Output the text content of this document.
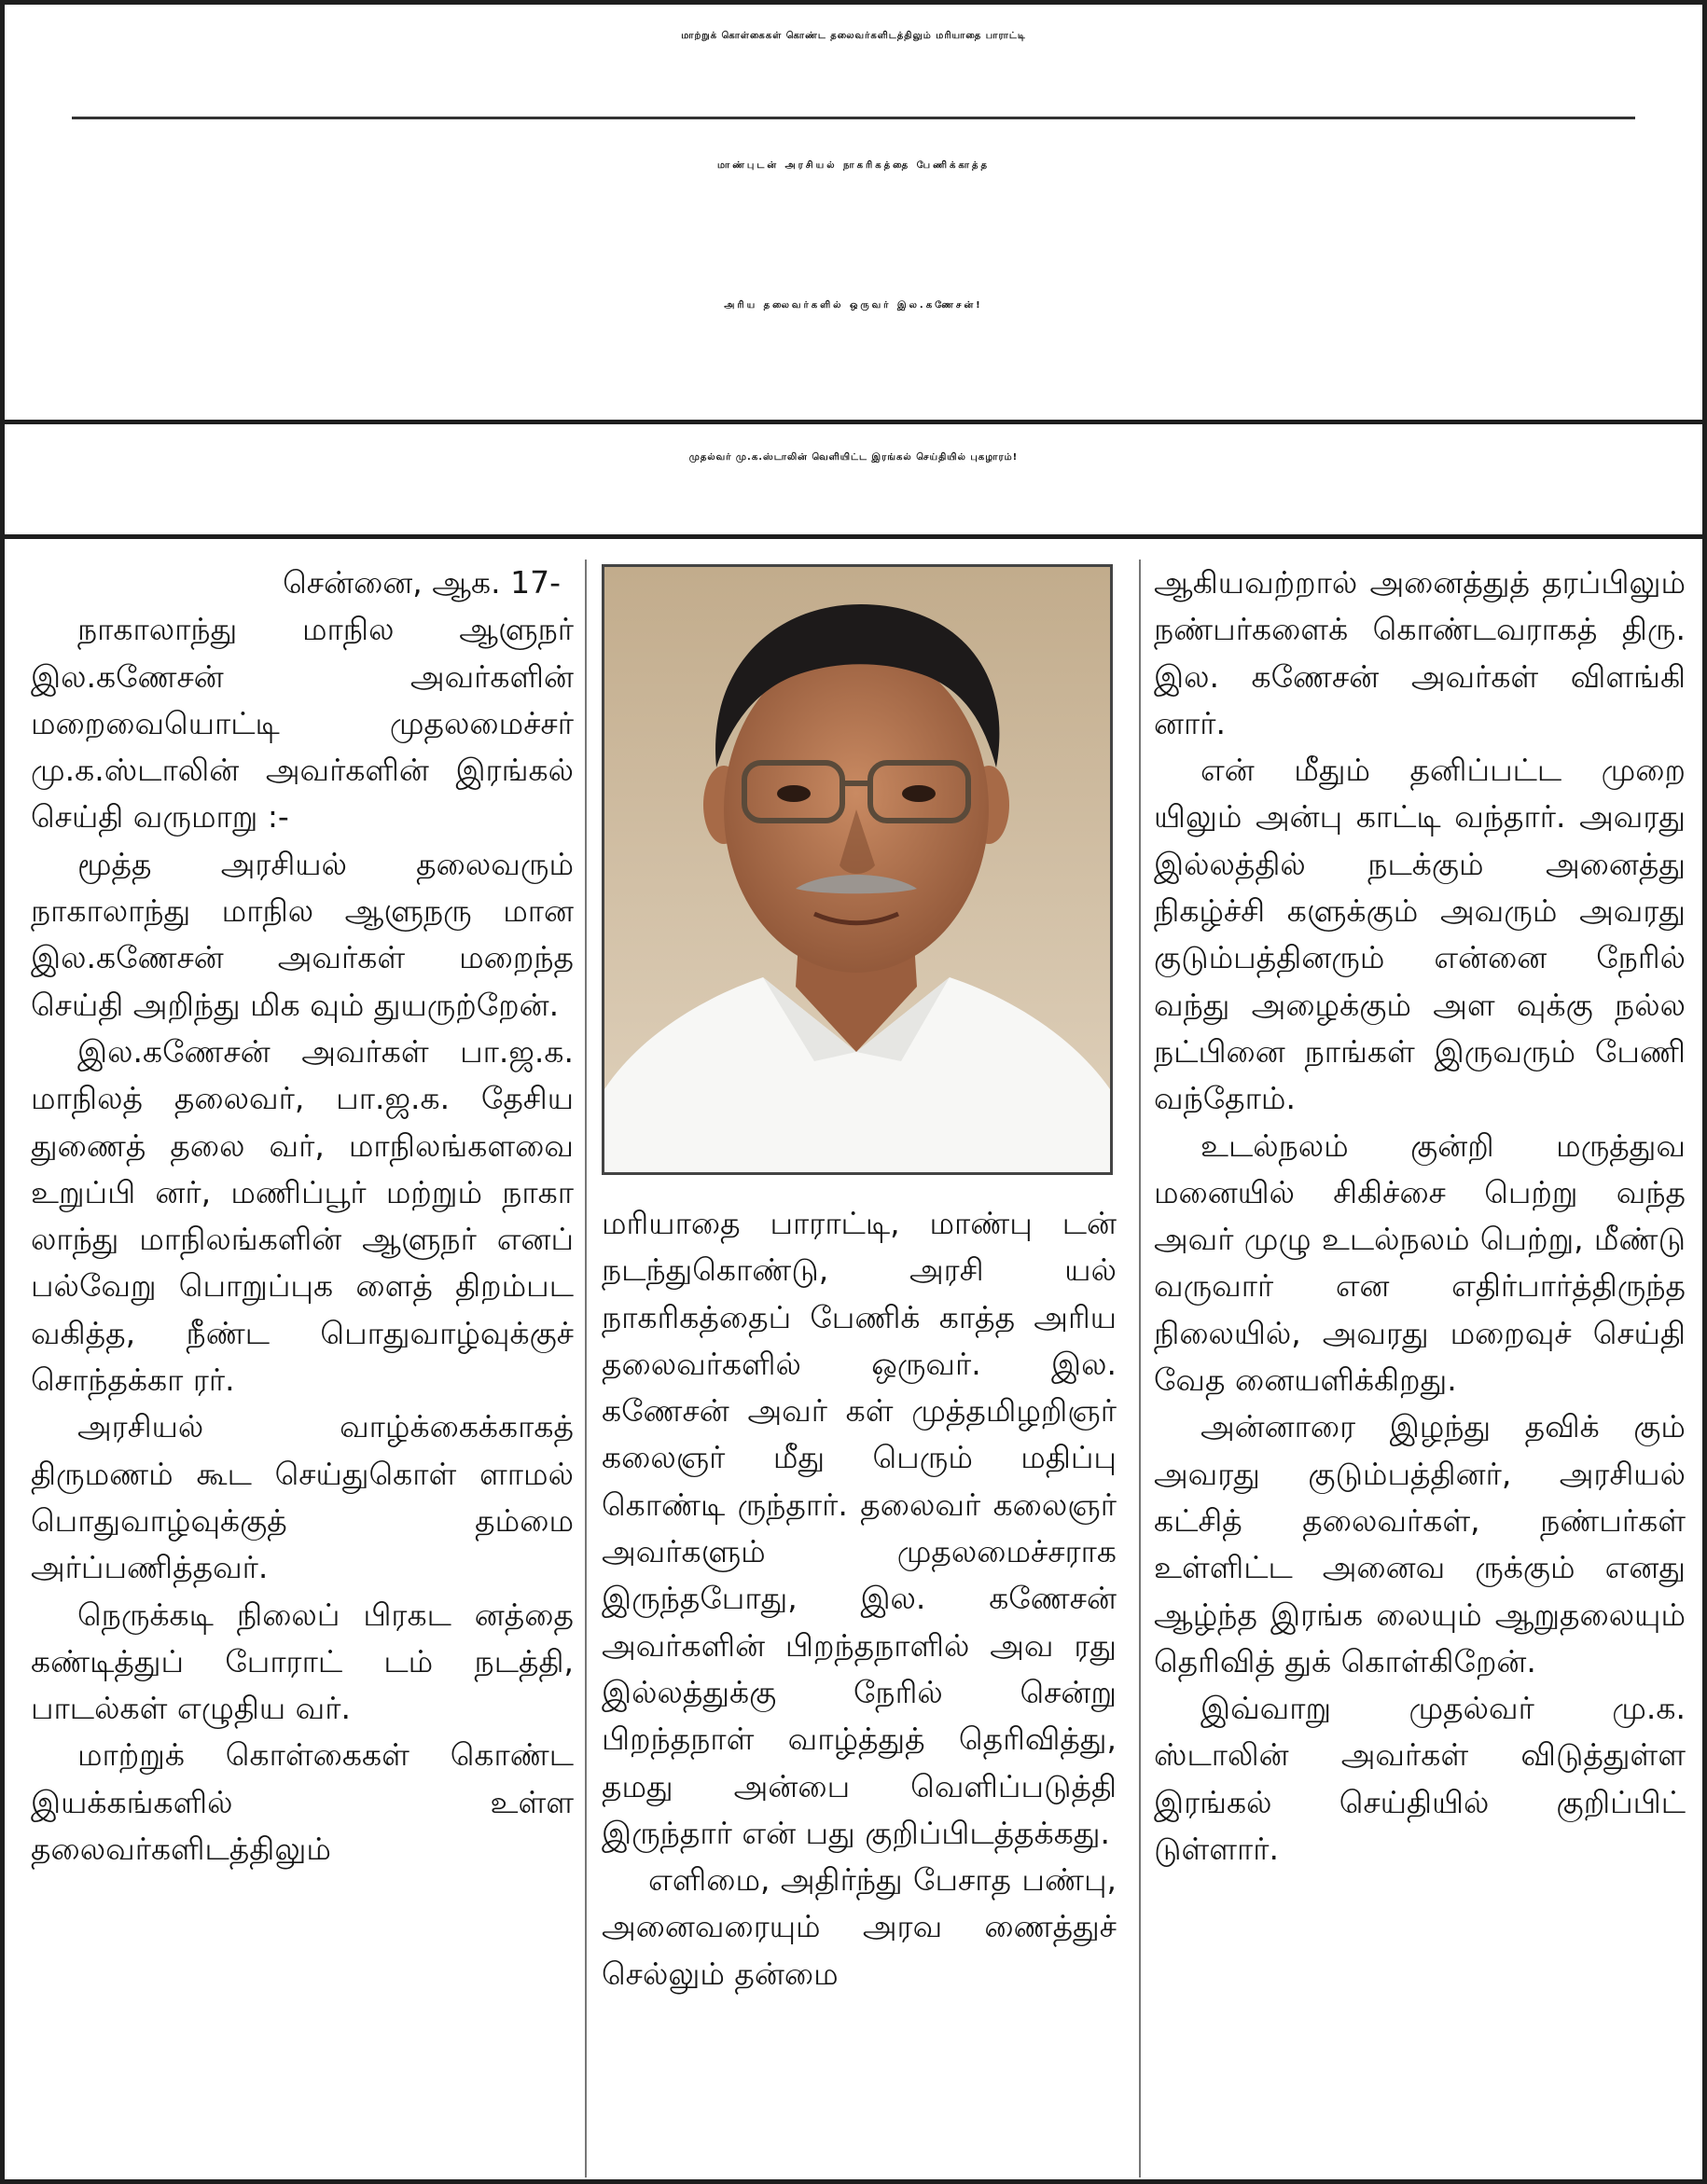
மாற்றுக் கொள்கைகள் கொண்ட தலைவர்களிடத்திலும் மரியாதை பாராட்டி
மாண்புடன் அரசியல் நாகரிகத்தை பேணிக்காத்த
அரிய தலைவர்களில் ஒருவர் இல.கணேசன்!
முதல்வர் மு.க.ஸ்டாலின் வெளியிட்ட இரங்கல் செய்தியில் புகழாரம்!

சென்னை, ஆக. 17-

நாகாலாந்து மாநில ஆளுநர் இல.கணேசன் அவர்களின் மறைவையொட்டி முதலமைச்சர் மு.க.ஸ்டாலின் அவர்களின் இரங்கல் செய்தி வருமாறு :-

மூத்த அரசியல் தலைவரும் நாகாலாந்து மாநில ஆளுநரு மான இல.கணேசன் அவர்கள் மறைந்த செய்தி அறிந்து மிக வும் துயருற்றேன்.

இல.கணேசன் அவர்கள் பா.ஜ.க. மாநிலத் தலைவர், பா.ஜ.க. தேசிய துணைத் தலை வர், மாநிலங்களவை உறுப்பி னர், மணிப்பூர் மற்றும் நாகா லாந்து மாநிலங்களின் ஆளுநர் எனப் பல்வேறு பொறுப்புக ளைத் திறம்பட வகித்த, நீண்ட பொதுவாழ்வுக்குச் சொந்தக்கா ரர்.

அரசியல் வாழ்க்கைக்காகத் திருமணம் கூட செய்துகொள் ளாமல் பொதுவாழ்வுக்குத் தம்மை அர்ப்பணித்தவர்.

நெருக்கடி நிலைப் பிரகட னத்தை கண்டித்துப் போராட் டம் நடத்தி, பாடல்கள் எழுதிய வர்.

மாற்றுக் கொள்கைகள் கொண்ட இயக்கங்களில் உள்ள தலைவர்களிடத்திலும்

மரியாதை பாராட்டி, மாண்பு டன் நடந்துகொண்டு, அரசி யல் நாகரிகத்தைப் பேணிக் காத்த அரிய தலைவர்களில் ஒருவர். இல. கணேசன் அவர் கள் முத்தமிழறிஞர் கலைஞர் மீது பெரும் மதிப்பு கொண்டி ருந்தார். தலைவர் கலைஞர் அவர்களும் முதலமைச்சராக இருந்தபோது, இல. கணேசன் அவர்களின் பிறந்தநாளில் அவ ரது இல்லத்துக்கு நேரில் சென்று பிறந்தநாள் வாழ்த்துத் தெரிவித்து, தமது அன்பை வெளிப்படுத்தி இருந்தார் என் பது குறிப்பிடத்தக்கது.

எளிமை, அதிர்ந்து பேசாத பண்பு, அனைவரையும் அரவ ணைத்துச் செல்லும் தன்மை

ஆகியவற்றால் அனைத்துத் தரப்பிலும் நண்பர்களைக் கொண்டவராகத் திரு. இல. கணேசன் அவர்கள் விளங்கி னார்.

என் மீதும் தனிப்பட்ட முறை யிலும் அன்பு காட்டி வந்தார். அவரது இல்லத்தில் நடக்கும் அனைத்து நிகழ்ச்சி களுக்கும் அவரும் அவரது குடும்பத்தினரும் என்னை நேரில் வந்து அழைக்கும் அள வுக்கு நல்ல நட்பினை நாங்கள் இருவரும் பேணி வந்தோம்.

உடல்நலம் குன்றி மருத்துவ மனையில் சிகிச்சை பெற்று வந்த அவர் முழு உடல்நலம் பெற்று, மீண்டு வருவார் என எதிர்பார்த்திருந்த நிலையில், அவரது மறைவுச் செய்தி வேத னையளிக்கிறது.

அன்னாரை இழந்து தவிக் கும் அவரது குடும்பத்தினர், அரசியல் கட்சித் தலைவர்கள், நண்பர்கள் உள்ளிட்ட அனைவ ருக்கும் எனது ஆழ்ந்த இரங்க லையும் ஆறுதலையும் தெரிவித் துக் கொள்கிறேன்.

இவ்வாறு முதல்வர் மு.க. ஸ்டாலின் அவர்கள் விடுத்துள்ள இரங்கல் செய்தியில் குறிப்பிட் டுள்ளார்.
